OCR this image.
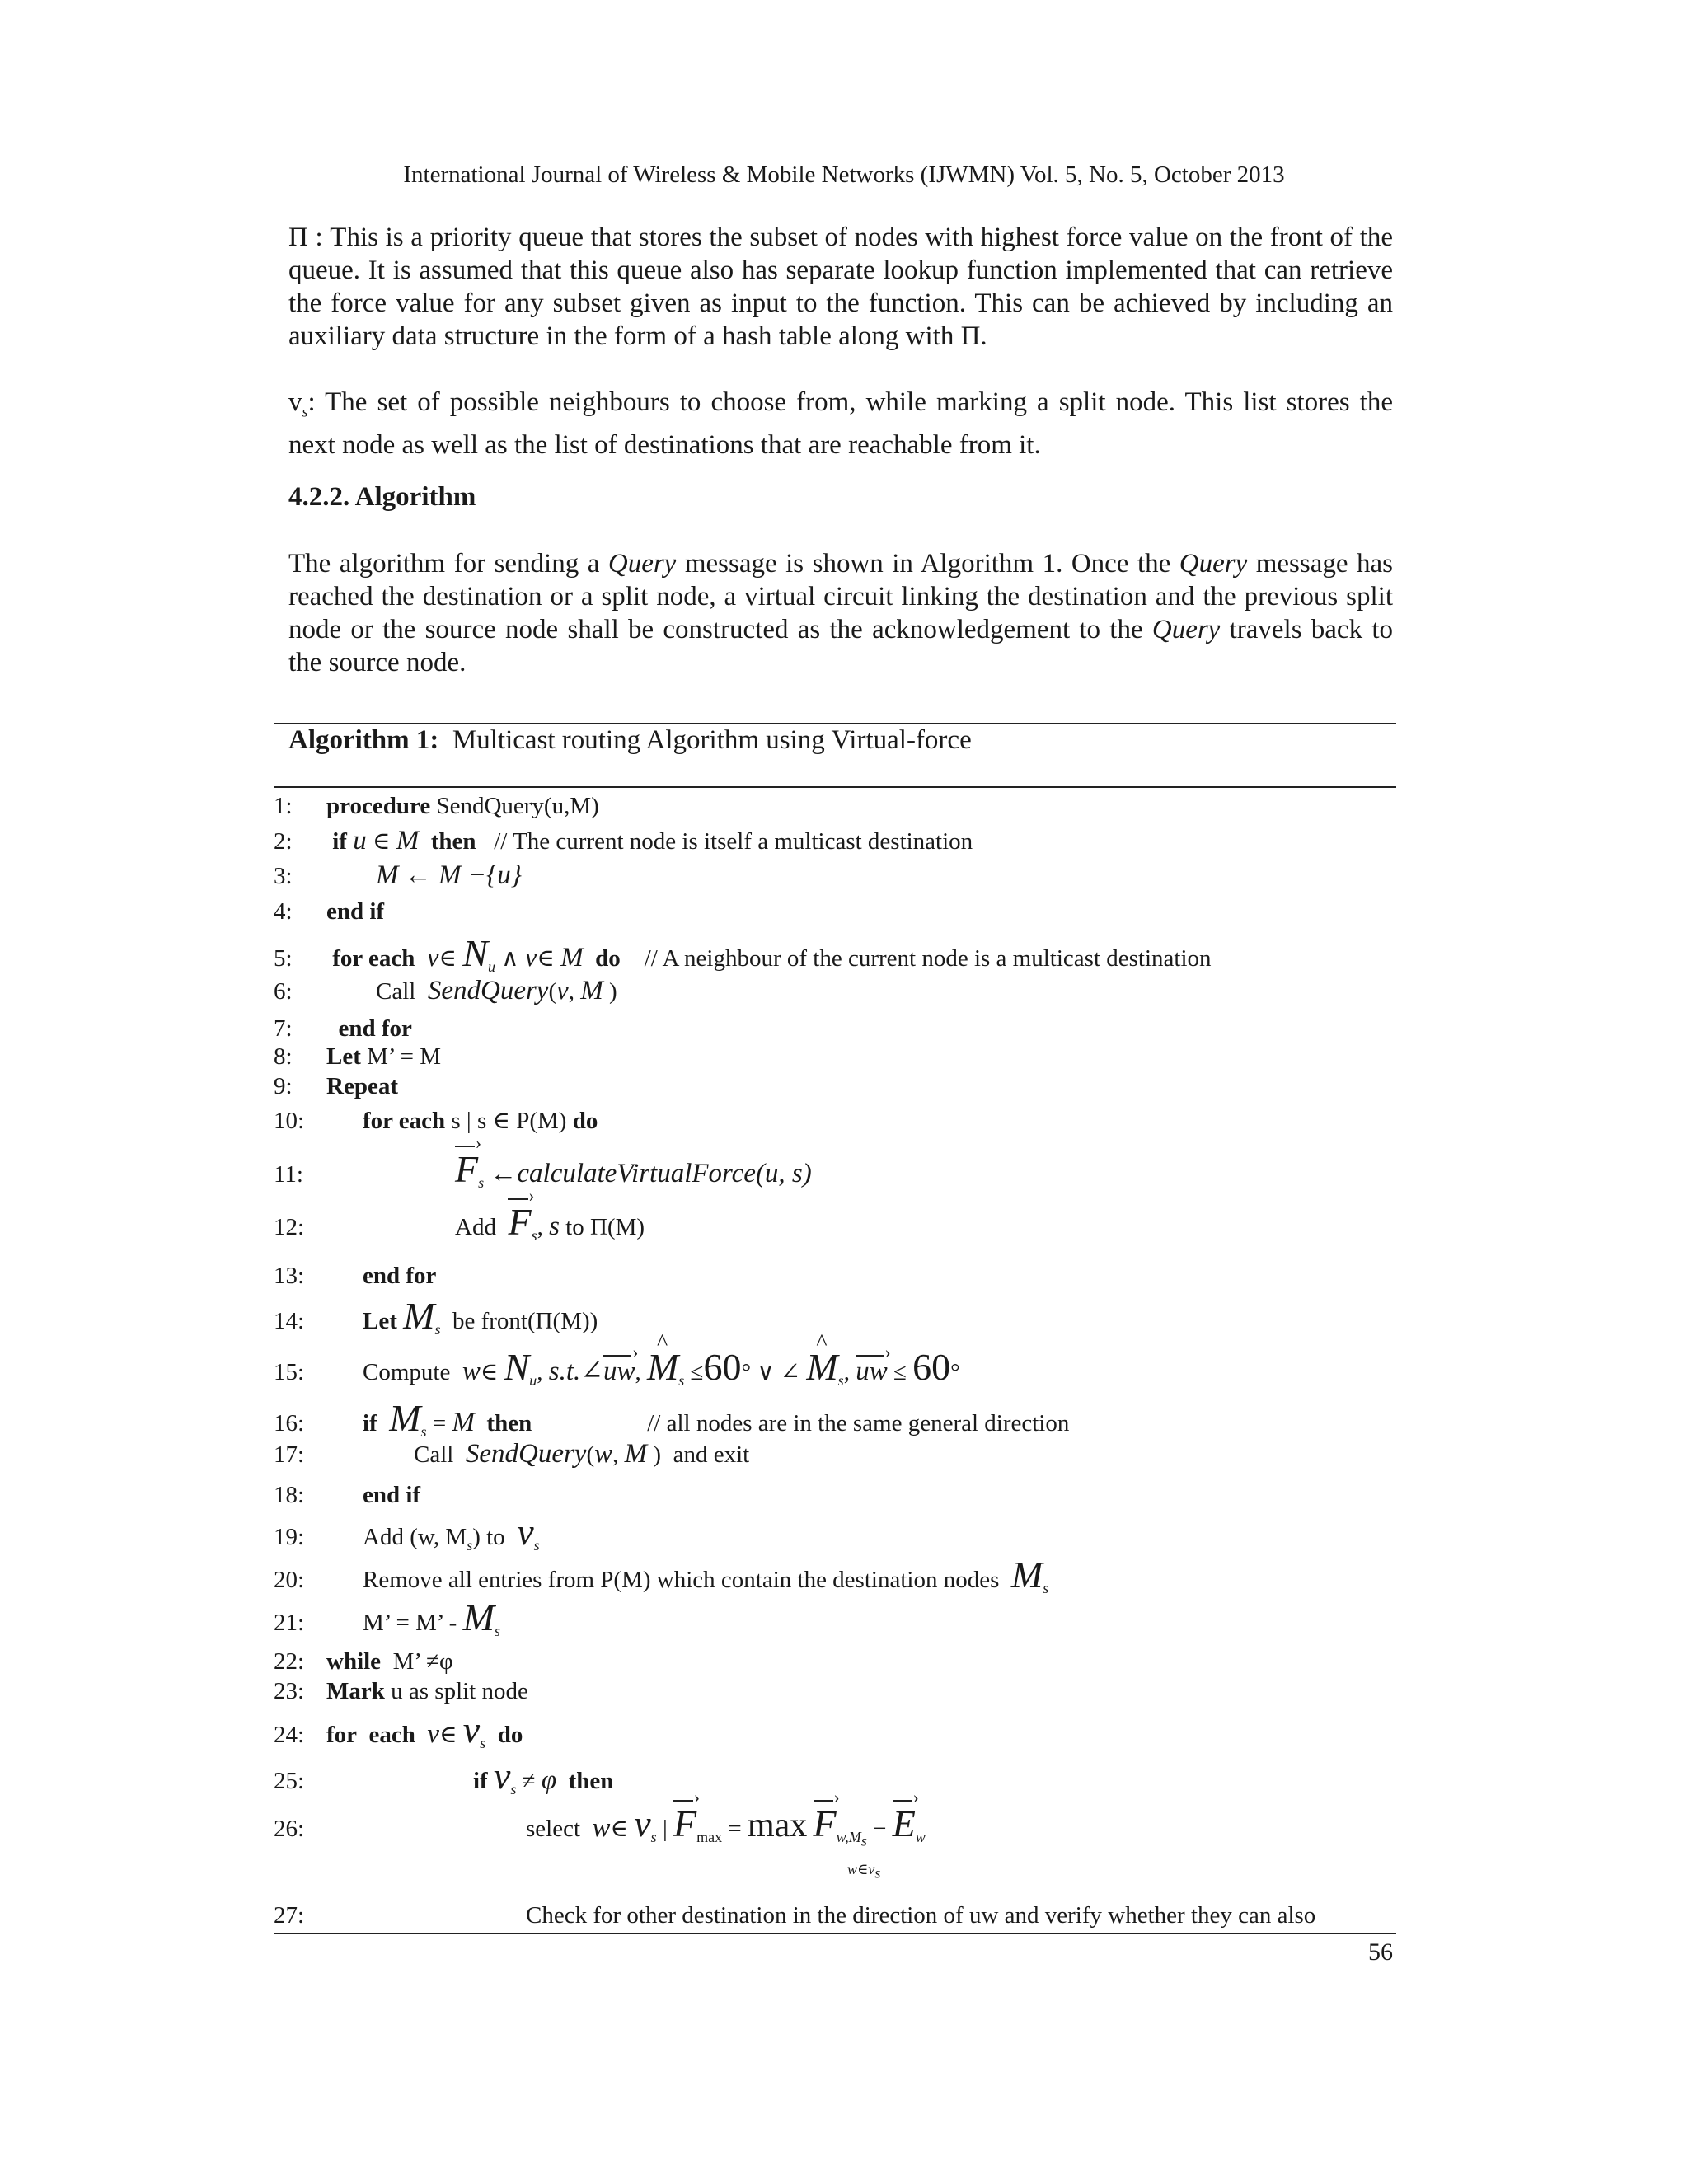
International Journal of Wireless & Mobile Networks (IJWMN) Vol. 5, No. 5, October 2013
Π : This is a priority queue that stores the subset of nodes with highest force value on the front of the queue. It is assumed that this queue also has separate lookup function implemented that can retrieve the force value for any subset given as input to the function. This can be achieved by including an auxiliary data structure in the form of a hash table along with Π.
$v_s$: The set of possible neighbours to choose from, while marking a split node. This list stores the next node as well as the list of destinations that are reachable from it.
4.2.2. Algorithm
The algorithm for sending a Query message is shown in Algorithm 1. Once the Query message has reached the destination or a split node, a virtual circuit linking the destination and the previous split node or the source node shall be constructed as the acknowledgement to the Query travels back to the source node.
Algorithm 1: Multicast routing Algorithm using Virtual-force
1: procedure SendQuery(u,M)
2: if u ∈ M then // The current node is itself a multicast destination
3:	M ← M −{u}
4: end if
5: for each v∈ $N_u$ ∧ v∈ M do // A neighbour of the current node is a multicast destination
6:	Call SendQuery(v, M )
7: end for
8: Let M’ = M
9: Repeat
10: for each s | s ∈ P(M) do
11:	F $›_s$ ←calculateVirtualForce(u, s)
12:	Add F $›_s$, s to Π(M)
13: end for
14: Let $M_s$ be front(Π(M))
15: Compute w∈ $N_u$, s.t.∠uw ›, M $\^{}_s \le 60^\circ$ ∨ ∠ M $\^{}_s$, uw › ≤ 60°
16: if $M_s = M$ then	// all nodes are in the same general direction
17:	Call SendQuery(w, M )  and exit
18: end if
19: Add (w, $M_s$) to  $v_s$
20: Remove all entries from P(M) which contain the destination nodes $M_s$
21: M’ = M’ - $M_s$
22: while M’ ≠φ
23: Mark u as split node
24: for  each v∈ $v_s$ do
25:	if $v_s \ne \varphi$ then
26:	select w∈ $v_s$ | F $›_{max} = \max F$ $›_{w,M_s} - E$ $›_w$
$w\in v_s$
27:	Check for other destination in the direction of uw and verify whether they can also
56
